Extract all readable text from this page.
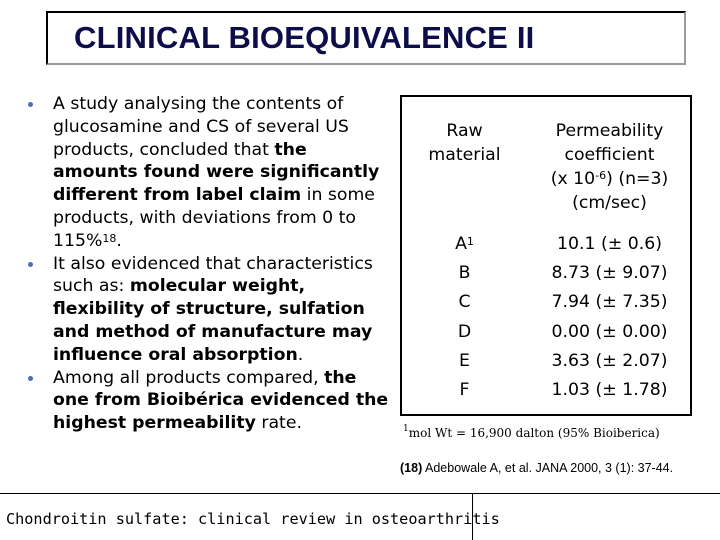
CLINICAL BIOEQUIVALENCE II
A study analysing the contents of glucosamine and CS of several US products, concluded that the amounts found were significantly different from label claim in some products, with deviations from 0 to 115%$^{18}$.
It also evidenced that characteristics such as: molecular weight, flexibility of structure, sulfation and method of manufacture may influence oral absorption.
Among all products compared, the one from Bioibérica evidenced the highest permeability rate.
Raw
material
Permeability
coefficient
(x $10^{-6}$) (n=3)
(cm/sec)
$A^1$
B
C
D
E
F
10.1 (± 0.6)
8.73 (± 9.07)
7.94 (± 7.35)
0.00 (± 0.00)
3.63 (± 2.07)
1.03 (± 1.78)
$^1$mol Wt = 16,900 dalton (95% Bioiberica)
(18) Adebowale A, et al. JANA 2000, 3 (1): 37-44.
Chondroitin sulfate: clinical review in osteoarthritis
